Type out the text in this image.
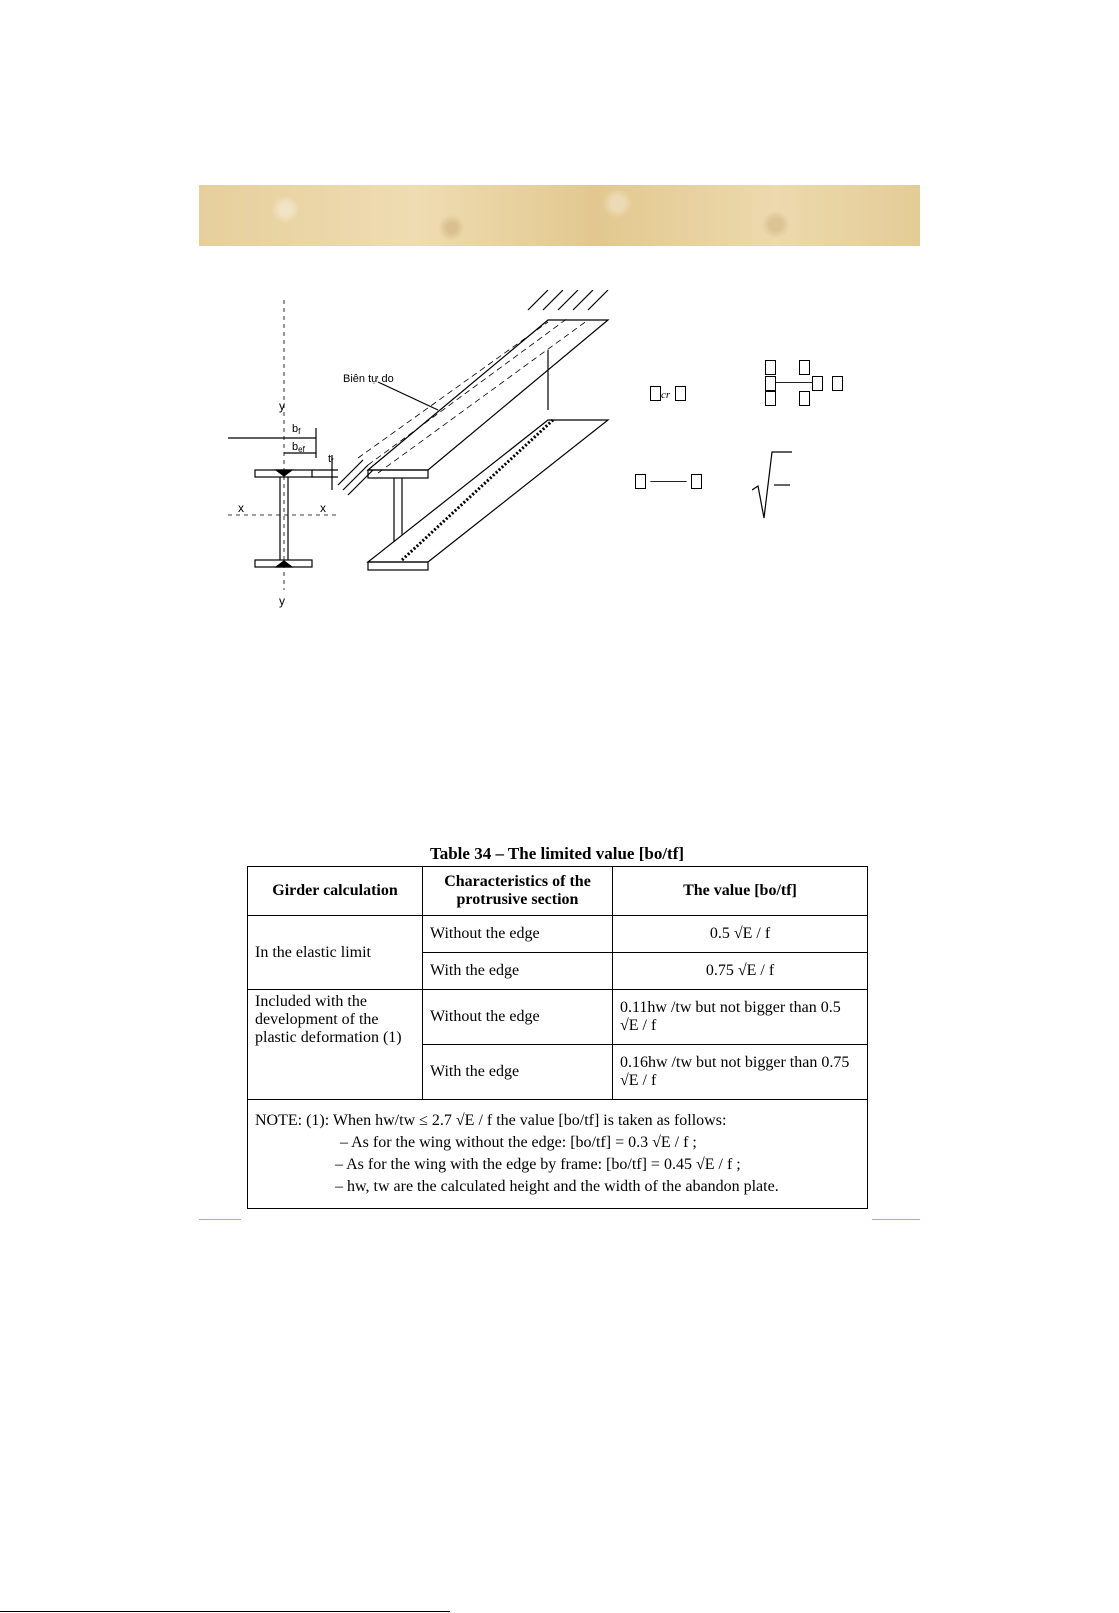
Biên tự do
y
y
x	x
bf
bef
tf
cr

——

——
Table 34 – The limited value [bo/tf]
Girder calculation	Characteristics of the protrusive section	The value [bo/tf]
In the elastic limit	Without the edge	0.5 √E / f
	With the edge	0.75 √E / f
Included with the development of the plastic deformation (1)	Without the edge	0.11hw /tw but not bigger than 0.5 √E / f
	With the edge	0.16hw /tw but not bigger than 0.75 √E / f

NOTE: (1): When hw/tw ≤ 2.7 √E / f the value [bo/tf] is taken as follows:
– As for the wing without the edge: [bo/tf] = 0.3 √E / f ;
– As for the wing with the edge by frame: [bo/tf] = 0.45 √E / f ;
– hw, tw are the calculated height and the width of the abandon plate.		
